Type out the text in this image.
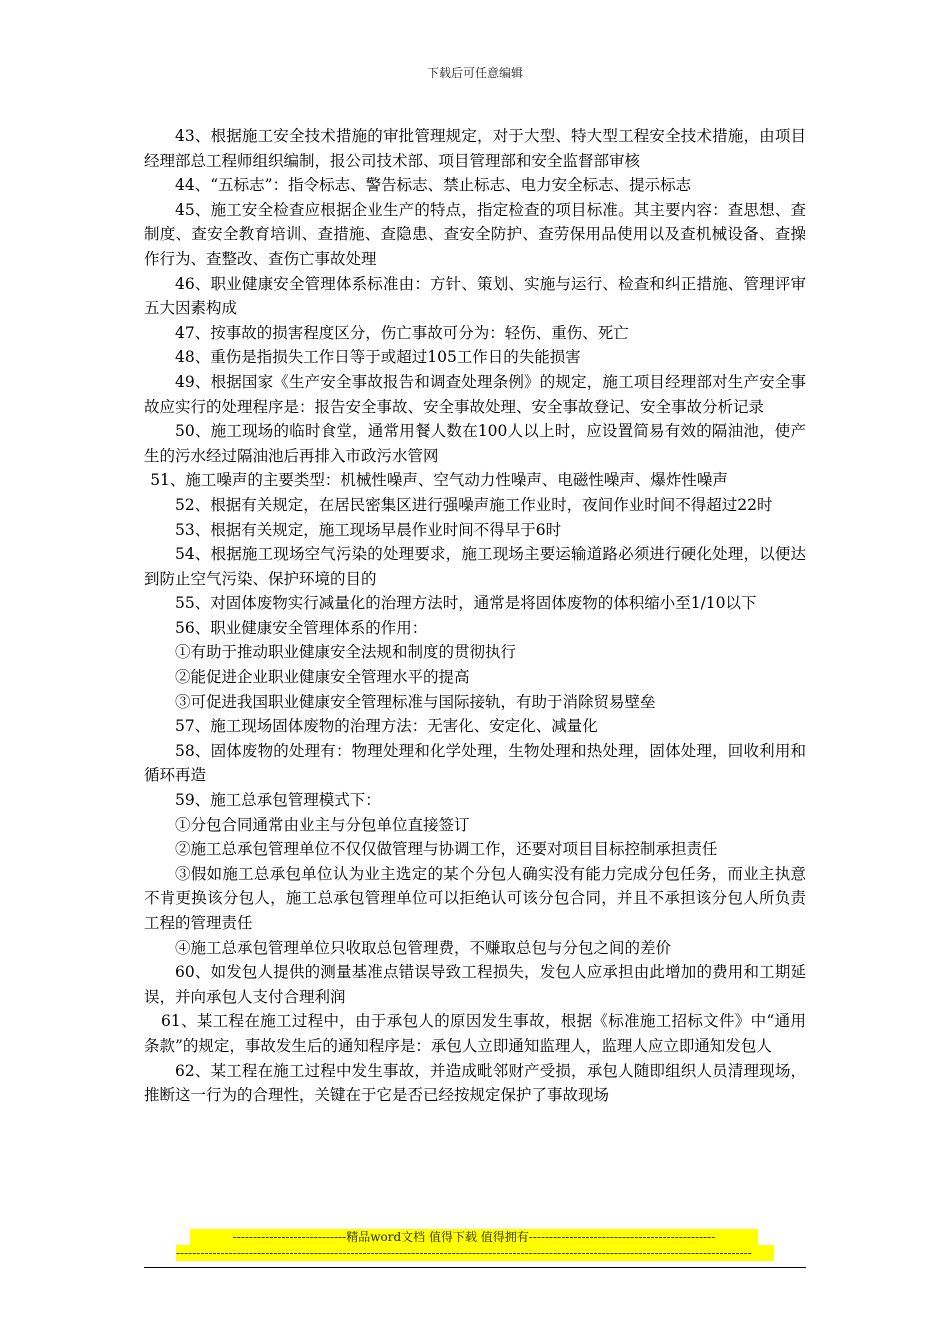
下载后可任意编辑

43、根据施工安全技术措施的审批管理规定，对于大型、特大型工程安全技术措施，由项目经理部总工程师组织编制，报公司技术部、项目管理部和安全监督部审核

44、“五标志”：指令标志、警告标志、禁止标志、电力安全标志、提示标志

45、施工安全检查应根据企业生产的特点，指定检查的项目标准。其主要内容：查思想、查制度、查安全教育培训、查措施、查隐患、查安全防护、查劳保用品使用以及查机械设备、查操作行为、查整改、查伤亡事故处理

46、职业健康安全管理体系标准由：方针、策划、实施与运行、检查和纠正措施、管理评审五大因素构成

47、按事故的损害程度区分，伤亡事故可分为：轻伤、重伤、死亡

48、重伤是指损失工作日等于或超过105工作日的失能损害

49、根据国家《生产安全事故报告和调查处理条例》的规定，施工项目经理部对生产安全事故应实行的处理程序是：报告安全事故、安全事故处理、安全事故登记、安全事故分析记录

50、施工现场的临时食堂，通常用餐人数在100人以上时，应设置简易有效的隔油池，使产生的污水经过隔油池后再排入市政污水管网

51、施工噪声的主要类型：机械性噪声、空气动力性噪声、电磁性噪声、爆炸性噪声

52、根据有关规定，在居民密集区进行强噪声施工作业时，夜间作业时间不得超过22时

53、根据有关规定，施工现场早晨作业时间不得早于6时

54、根据施工现场空气污染的处理要求，施工现场主要运输道路必须进行硬化处理，以便达到防止空气污染、保护环境的目的

55、对固体废物实行减量化的治理方法时，通常是将固体废物的体积缩小至1/10以下

56、职业健康安全管理体系的作用：

①有助于推动职业健康安全法规和制度的贯彻执行

②能促进企业职业健康安全管理水平的提高

③可促进我国职业健康安全管理标准与国际接轨，有助于消除贸易壁垒

57、施工现场固体废物的治理方法：无害化、安定化、减量化

58、固体废物的处理有：物理处理和化学处理，生物处理和热处理，固体处理，回收利用和循环再造

59、施工总承包管理模式下：

①分包合同通常由业主与分包单位直接签订

②施工总承包管理单位不仅仅做管理与协调工作，还要对项目目标控制承担责任

③假如施工总承包单位认为业主选定的某个分包人确实没有能力完成分包任务，而业主执意不肯更换该分包人，施工总承包管理单位可以拒绝认可该分包合同，并且不承担该分包人所负责工程的管理责任

④施工总承包管理单位只收取总包管理费，不赚取总包与分包之间的差价

60、如发包人提供的测量基准点错误导致工程损失，发包人应承担由此增加的费用和工期延误，并向承包人支付合理利润

61、某工程在施工过程中，由于承包人的原因发生事故，根据《标准施工招标文件》中“通用条款”的规定，事故发生后的通知程序是：承包人立即通知监理人，监理人应立即通知发包人

62、某工程在施工过程中发生事故，并造成毗邻财产受损，承包人随即组织人员清理现场，推断这一行为的合理性，关键在于它是否已经按规定保护了事故现场

----------------------------精品word文档 值得下载 值得拥有----------------------------------------------
----------------------------------------------------------------------------------------------------------------------------------------------
